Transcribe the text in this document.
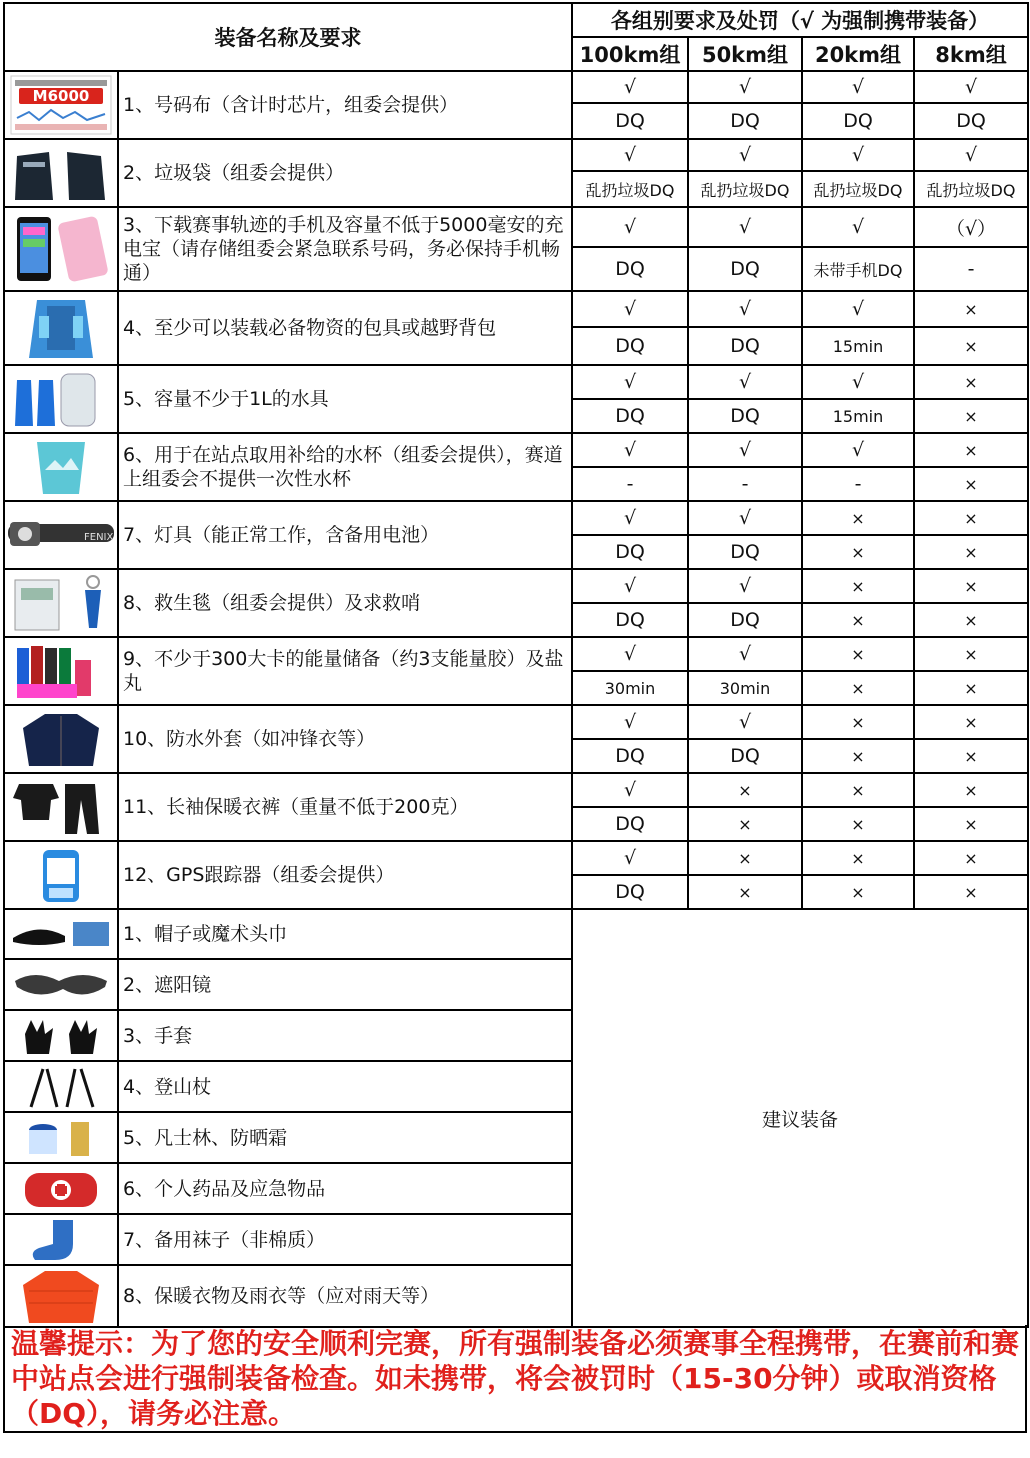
装备名称及要求		各组别要求及处罚（√ 为强制携带装备）			
		100km组	50km组	20km组	8km组

M6000	1、号码布（含计时芯片，组委会提供）	√	√	√	√
		DQ	DQ	DQ	DQ

	2、垃圾袋（组委会提供）	√	√	√	√
		乱扔垃圾DQ	乱扔垃圾DQ	乱扔垃圾DQ	乱扔垃圾DQ

	3、下载赛事轨迹的手机及容量不低于5000毫安的充电宝（请存储组委会紧急联系号码，务必保持手机畅通）	√	√	√	（√）
		DQ	DQ	未带手机DQ	-

	4、至少可以装载必备物资的包具或越野背包	√	√	√	×
		DQ	DQ	15min	×

	5、容量不少于1L的水具	√	√	√	×
		DQ	DQ	15min	×

	6、用于在站点取用补给的水杯（组委会提供），赛道上组委会不提供一次性水杯	√	√	√	×
		-	-	-	×

FENIX	7、灯具（能正常工作，含备用电池）	√	√	×	×
		DQ	DQ	×	×

	8、救生毯（组委会提供）及求救哨	√	√	×	×
		DQ	DQ	×	×

	9、不少于300大卡的能量储备（约3支能量胶）及盐丸	√	√	×	×
		30min	30min	×	×

	10、防水外套（如冲锋衣等）	√	√	×	×
		DQ	DQ	×	×

	11、长袖保暖衣裤（重量不低于200克）	√	×	×	×
		DQ	×	×	×

	12、GPS跟踪器（组委会提供）	√	×	×	×
		DQ	×	×	×

	1、帽子或魔术头巾	建议装备			

	2、遮阳镜				

	3、手套				

	4、登山杖				

	5、凡士林、防晒霜				

	6、个人药品及应急物品				

	7、备用袜子（非棉质）				

	8、保暖衣物及雨衣等（应对雨天等）				
温馨提示：为了您的安全顺利完赛，所有强制装备必须赛事全程携带，在赛前和赛中站点会进行强制装备检查。如未携带，将会被罚时（15-30分钟）或取消资格（DQ），请务必注意。
